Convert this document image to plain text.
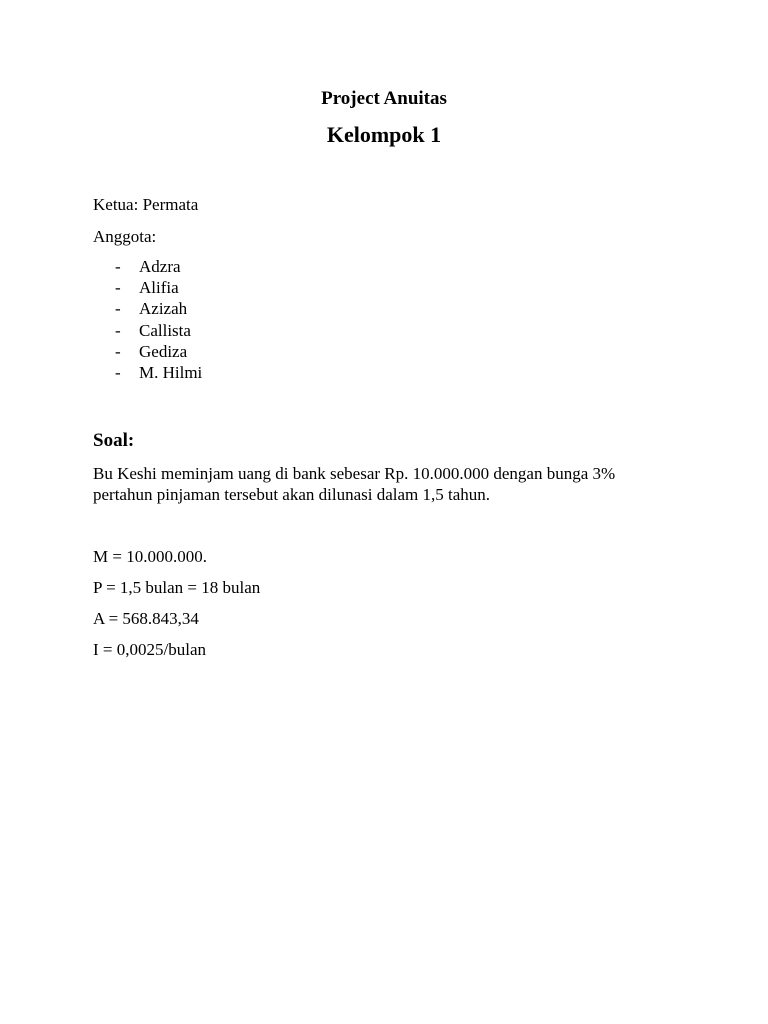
Project Anuitas
Kelompok 1

Ketua: Permata

Anggota:

- Adzra
- Alifia
- Azizah
- Callista
- Gediza
- M. Hilmi
Soal:

Bu Keshi meminjam uang di bank sebesar Rp. 10.000.000 dengan bunga 3%
pertahun pinjaman tersebut akan dilunasi dalam 1,5 tahun.

M = 10.000.000.

P = 1,5 bulan = 18 bulan

A = 568.843,34

I = 0,0025/bulan
